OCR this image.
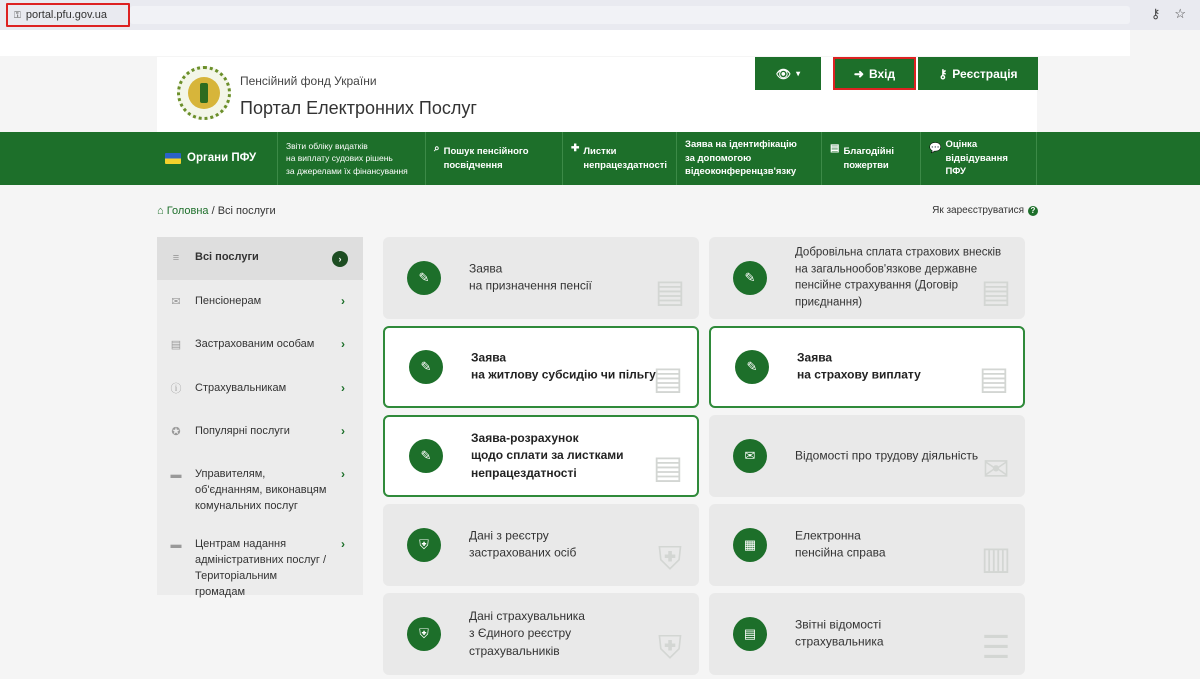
⚿ portal.pfu.gov.ua	⚷ ☆
Пенсійний фонд України
Портал Електронних Послуг
👁 ▾	➜ Вхід	⚷ Реєстрація
Органи ПФУ
Звіти обліку видатків
на виплату судових рішень
за джерелами їх фінансування
⌕ Пошук пенсійного
посвідчення
✚ Листки
непрацездатності
Заява на ідентифікацію
за допомогою
відеоконференцзв'язку
▤ Благодійні
пожертви
💬 Оцінка
відвідування ПФУ
⌂ Головна / Всі послуги	Як зареєструватися ?
≡	Всі послуги	›
✉ Пенсіонерам	›
▤ Застрахованим особам	›
ⓘ Страхувальникам	›
✪ Популярні послуги	›
▬ Управителям, об'єднанням, виконавцям комунальних послуг
›
▬ Центрам надання адміністративних послуг / Територіальним громадам
›
✎
Заява
на призначення пенсії	▤	✎
Добровільна сплата страхових внесків на загальнообов'язкове державне пенсійне страхування (Договір приєднання)	▤
✎
Заява
на житлову субсидію чи пільгу
▤	✎
Заява
на страхову виплату	▤
✎
Заява-розрахунок
щодо сплати за листками
непрацездатності	▤	✉	Відомості про трудову діяльність ✉
⛨
Дані з реєстру
застрахованих осіб	⛨	▦
Електронна
пенсійна справа	▥
⛨
Дані страхувальника
з Єдиного реєстру
страхувальників	⛨	▤
Звітні відомості
страхувальника	☰
